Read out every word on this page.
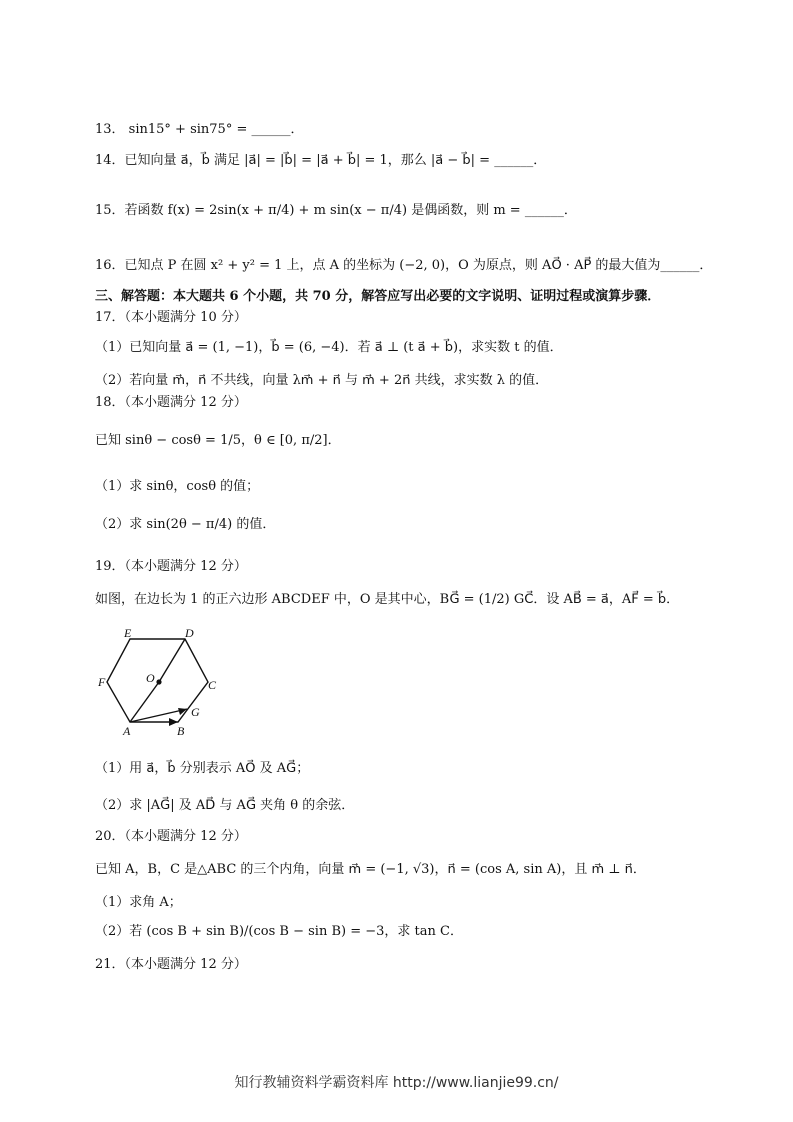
13． sin15° + sin75° = ______．
14．已知向量 a⃗，b⃗ 满足 |a⃗| = |b⃗| = |a⃗ + b⃗| = 1，那么 |a⃗ − b⃗| = ______．
15．若函数 f(x) = 2sin(x + π/4) + m sin(x − π/4) 是偶函数，则 m = ______．
16．已知点 P 在圆 x² + y² = 1 上，点 A 的坐标为 (−2, 0)，O 为原点，则 AO⃗ · AP⃗ 的最大值为______．
三、解答题：本大题共 6 个小题，共 70 分，解答应写出必要的文字说明、证明过程或演算步骤．
17．（本小题满分 10 分）
（1）已知向量 a⃗ = (1, −1)，b⃗ = (6, −4)．若 a⃗ ⊥ (t a⃗ + b⃗)，求实数 t 的值．
（2）若向量 m⃗，n⃗ 不共线，向量 λm⃗ + n⃗ 与 m⃗ + 2n⃗ 共线，求实数 λ 的值．
18．（本小题满分 12 分）
已知 sinθ − cosθ = 1/5，θ ∈ [0, π/2]．
（1）求 sinθ，cosθ 的值；
（2）求 sin(2θ − π/4) 的值．
19．（本小题满分 12 分）
如图，在边长为 1 的正六边形 ABCDEF 中，O 是其中心，BG⃗ = (1/2) GC⃗．设 AB⃗ = a⃗，AF⃗ = b⃗．
E	D
F	O	C
G
A	B
（1）用 a⃗，b⃗ 分别表示 AO⃗ 及 AG⃗；
（2）求 |AG⃗| 及 AD⃗ 与 AG⃗ 夹角 θ 的余弦．
20．（本小题满分 12 分）
已知 A，B，C 是△ABC 的三个内角，向量 m⃗ = (−1, √3)，n⃗ = (cos A, sin A)，且 m⃗ ⊥ n⃗．
（1）求角 A；
（2）若 (cos B + sin B)/(cos B − sin B) = −3，求 tan C．
21．（本小题满分 12 分）
知行教辅资料学霸资料库 http://www.lianjie99.cn/
